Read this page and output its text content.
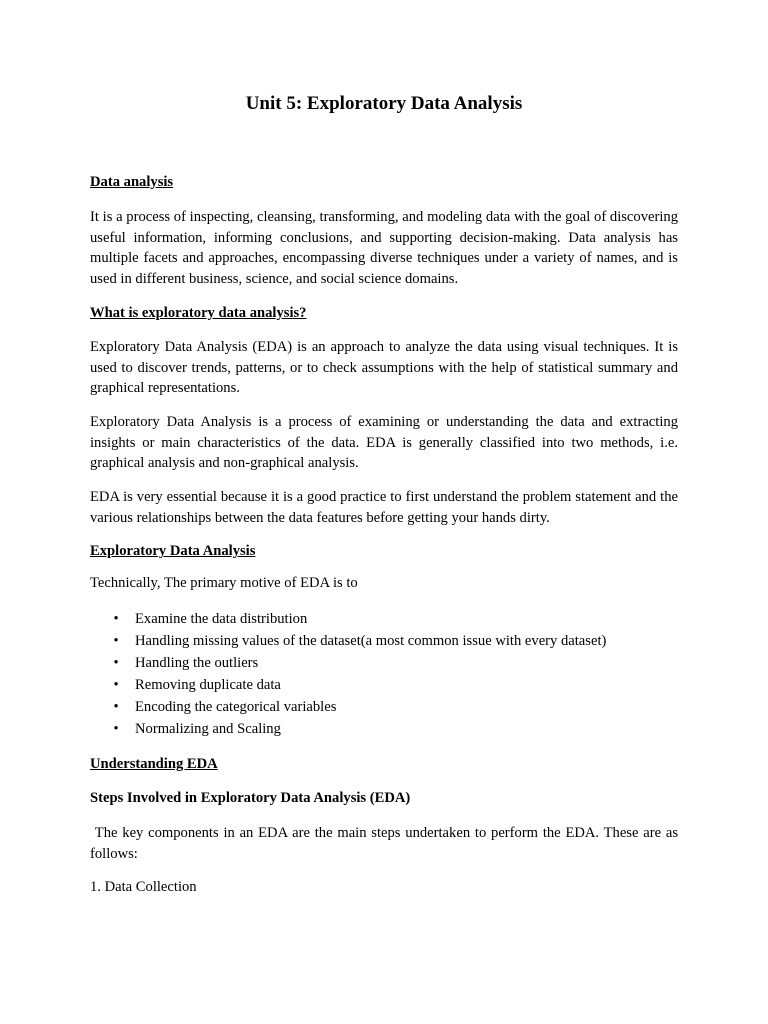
Unit 5: Exploratory Data Analysis

Data analysis

It is a process of inspecting, cleansing, transforming, and modeling data with the goal of discovering useful information, informing conclusions, and supporting decision-making. Data analysis has multiple facets and approaches, encompassing diverse techniques under a variety of names, and is used in different business, science, and social science domains.

What is exploratory data analysis?

Exploratory Data Analysis (EDA) is an approach to analyze the data using visual techniques. It is used to discover trends, patterns, or to check assumptions with the help of statistical summary and graphical representations.

Exploratory Data Analysis is a process of examining or understanding the data and extracting insights or main characteristics of the data. EDA is generally classified into two methods, i.e. graphical analysis and non-graphical analysis.

EDA is very essential because it is a good practice to first understand the problem statement and the various relationships between the data features before getting your hands dirty.

Exploratory Data Analysis

Technically, The primary motive of EDA is to

• Examine the data distribution
• Handling missing values of the dataset(a most common issue with every dataset)
• Handling the outliers
• Removing duplicate data
• Encoding the categorical variables
• Normalizing and Scaling

Understanding EDA

Steps Involved in Exploratory Data Analysis (EDA)

The key components in an EDA are the main steps undertaken to perform the EDA. These are as follows:

1. Data Collection
